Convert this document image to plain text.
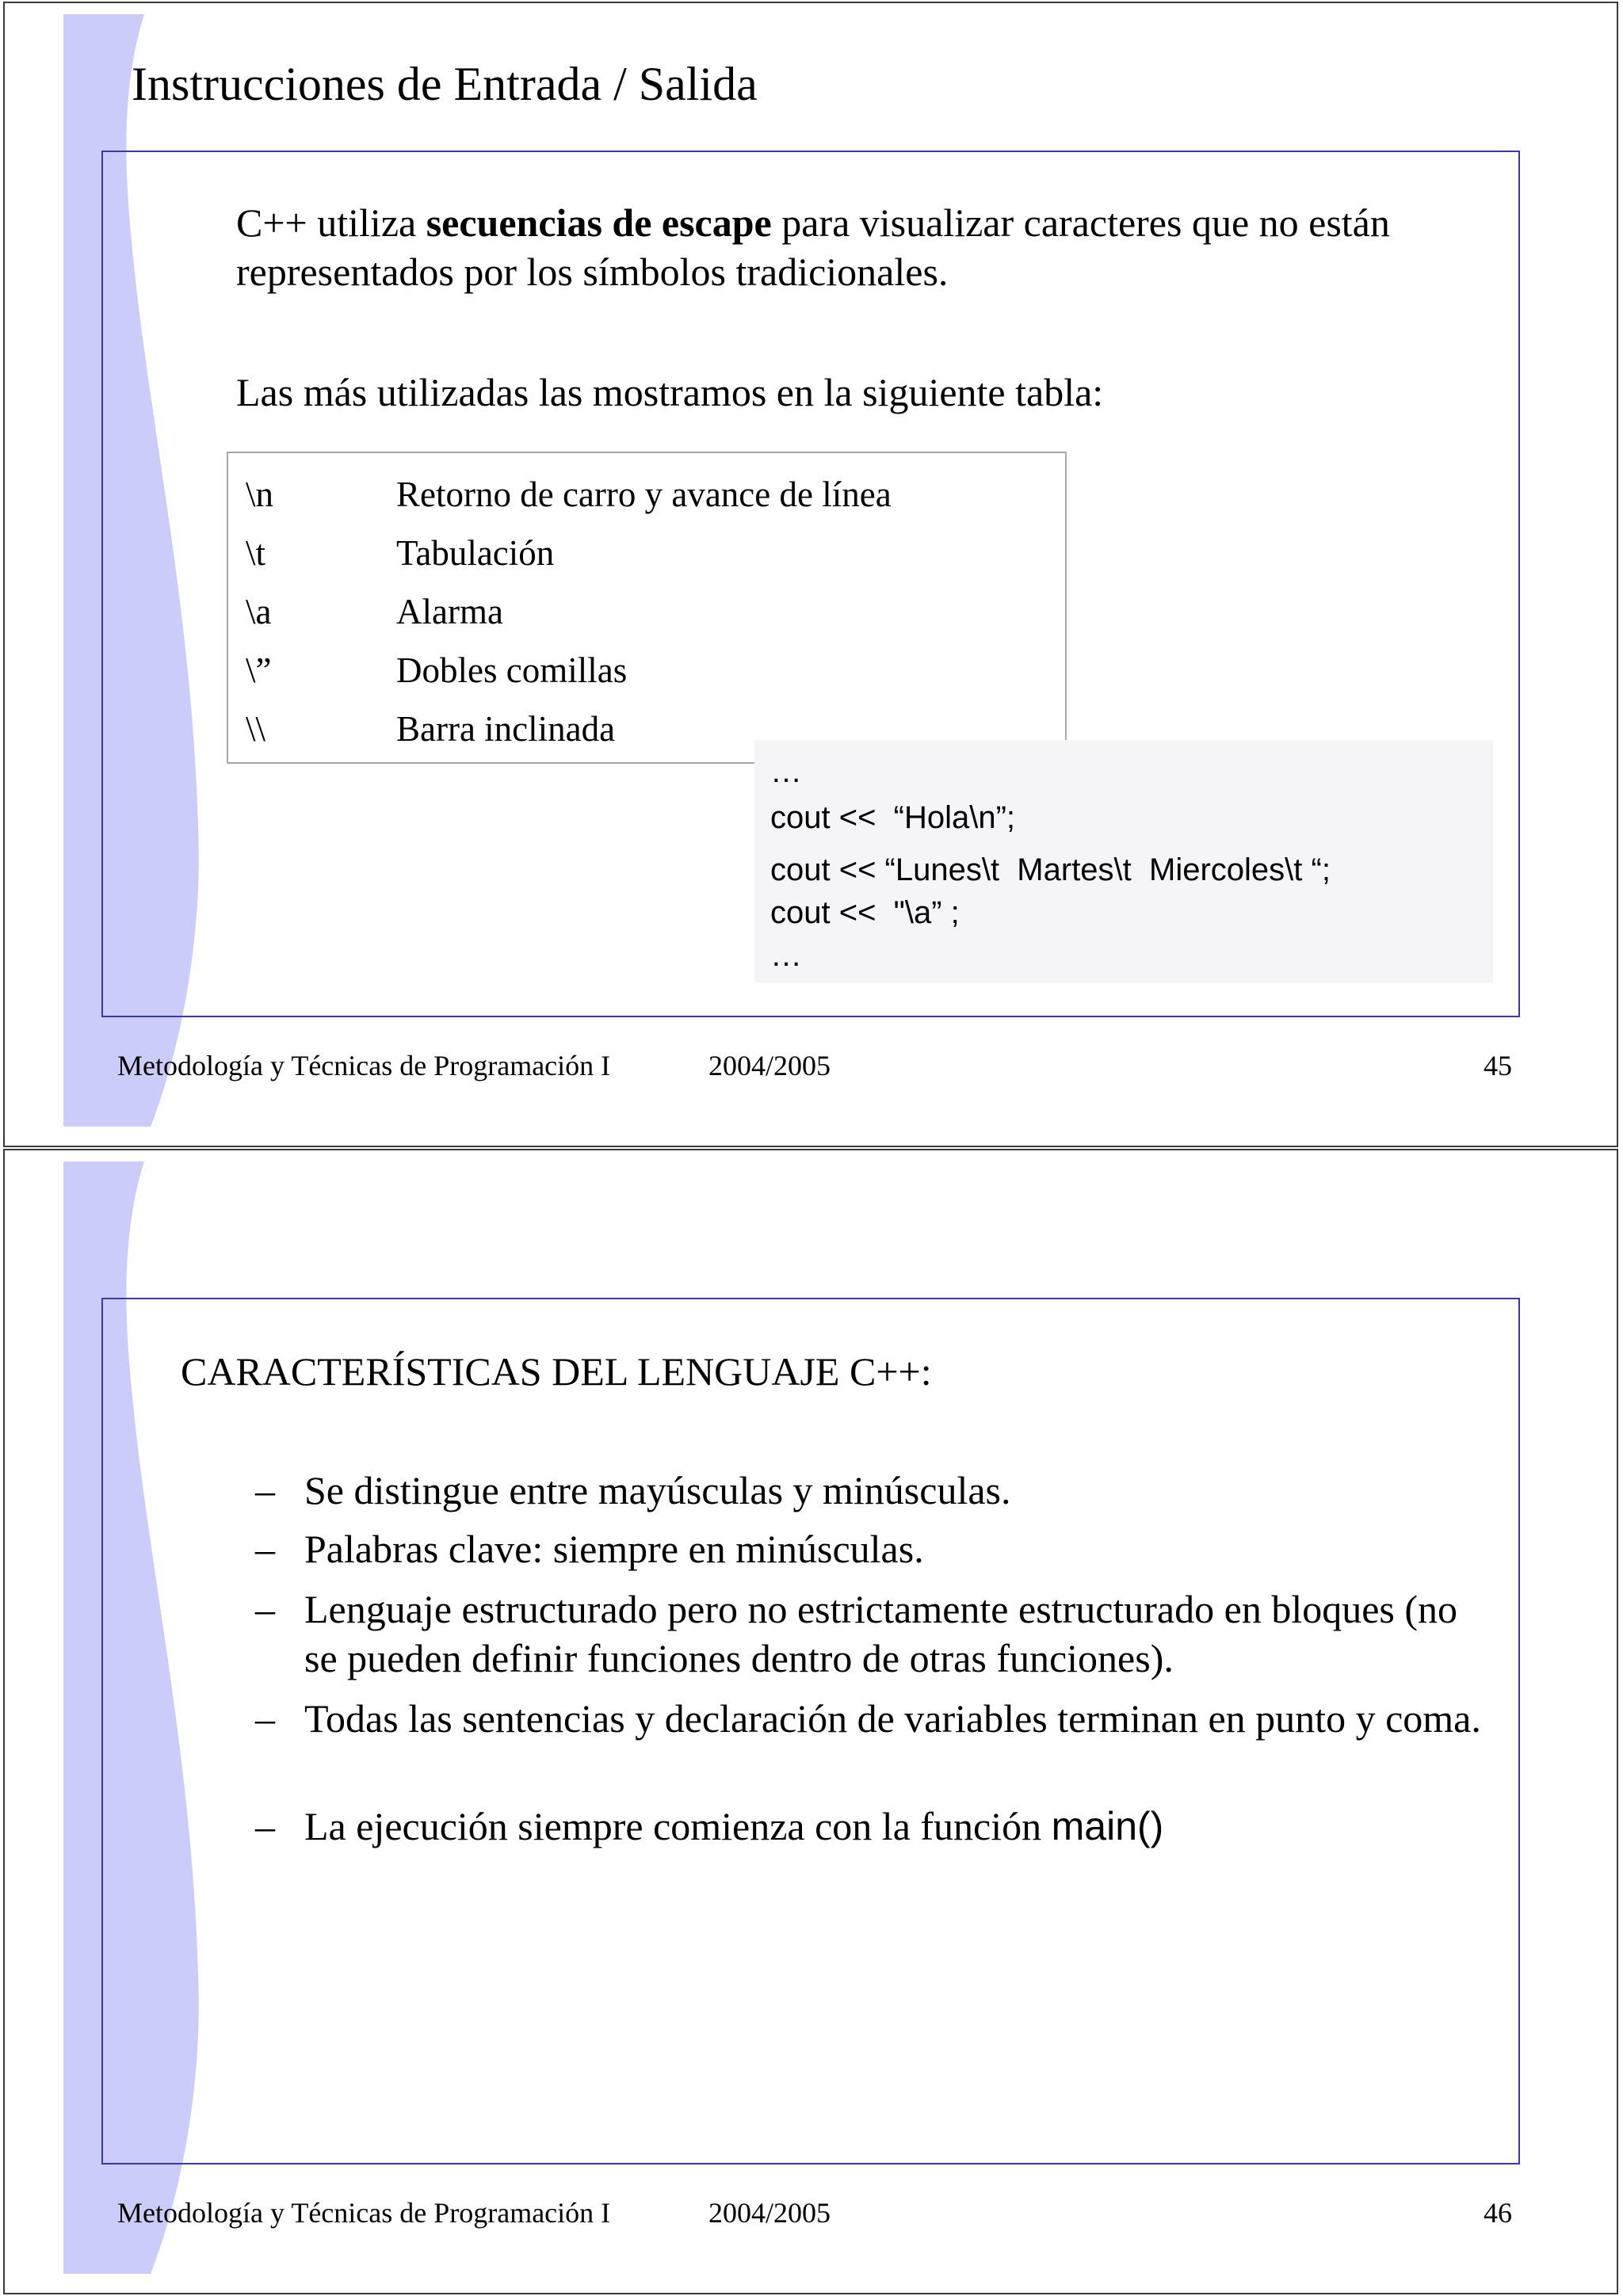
Instrucciones de Entrada / Salida
C++ utiliza secuencias de escape para visualizar caracteres que no están
representados por los símbolos tradicionales.
Las más utilizadas las mostramos en la siguiente tabla:
\n	Retorno de carro y avance de línea
\t	Tabulación
\a	Alarma
\”	Dobles comillas
\\	Barra inclinada
…
cout <<  “Hola\n”;
cout << “Lunes\t  Martes\t  Miercoles\t “;
cout <<  "\a” ;
…
Metodología y Técnicas de Programación I	2004/2005	45
CARACTERÍSTICAS DEL LENGUAJE C++:
– Se distingue entre mayúsculas y minúsculas.
– Palabras clave: siempre en minúsculas.
– Lenguaje estructurado pero no estrictamente estructurado en bloques (no se pueden definir funciones dentro de otras funciones).
– Todas las sentencias y declaración de variables terminan en punto y coma.
– La ejecución siempre comienza con la función main()
Metodología y Técnicas de Programación I	2004/2005	46
